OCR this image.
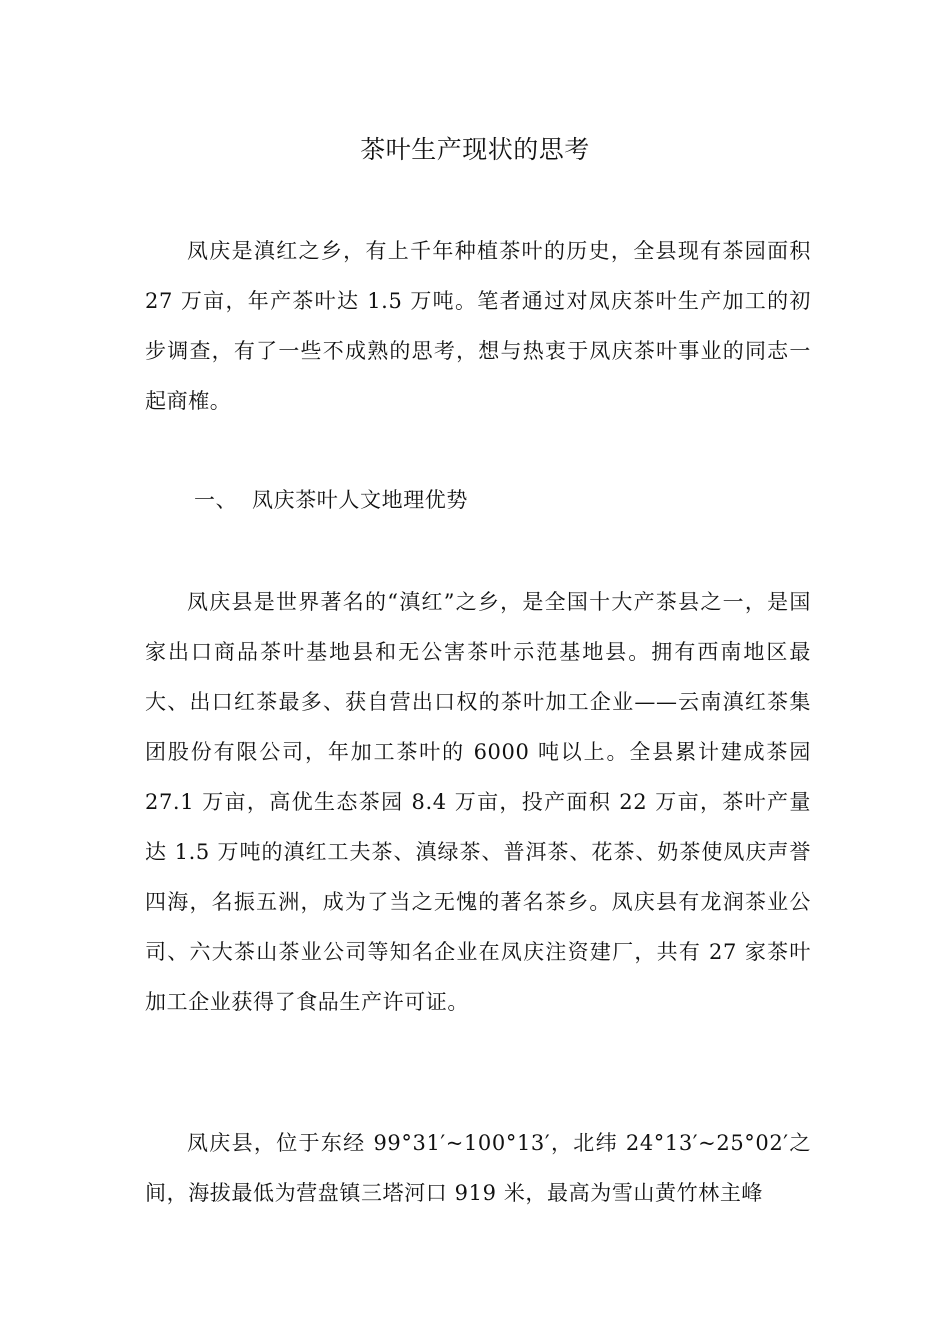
茶叶生产现状的思考

凤庆是滇红之乡，有上千年种植茶叶的历史，全县现有茶园面积 27 万亩，年产茶叶达 1.5 万吨。笔者通过对凤庆茶叶生产加工的初步调查，有了一些不成熟的思考，想与热衷于凤庆茶叶事业的同志一起商榷。

一、 凤庆茶叶人文地理优势

凤庆县是世界著名的“滇红”之乡，是全国十大产茶县之一，是国家出口商品茶叶基地县和无公害茶叶示范基地县。拥有西南地区最大、出口红茶最多、获自营出口权的茶叶加工企业——云南滇红茶集团股份有限公司，年加工茶叶的 6000 吨以上。全县累计建成茶园 27.1 万亩，高优生态茶园 8.4 万亩，投产面积 22 万亩，茶叶产量达 1.5 万吨的滇红工夫茶、滇绿茶、普洱茶、花茶、奶茶使凤庆声誉四海，名振五洲，成为了当之无愧的著名茶乡。凤庆县有龙润茶业公司、六大茶山茶业公司等知名企业在凤庆注资建厂，共有 27 家茶叶加工企业获得了食品生产许可证。

凤庆县，位于东经 99°31′~100°13′，北纬 24°13′~25°02′之间，海拔最低为营盘镇三塔河口 919 米，最高为雪山黄竹林主峰
